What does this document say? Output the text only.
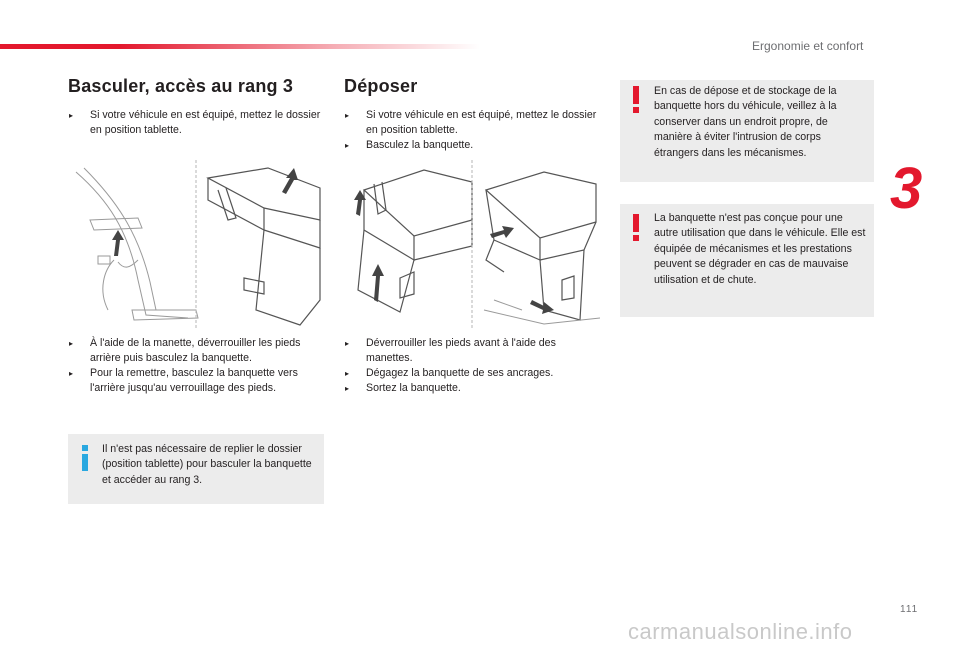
Ergonomie et confort
3
Basculer, accès au rang 3
▸ Si votre véhicule en est équipé, mettez le dossier en position tablette.
▸ À l'aide de la manette, déverrouiller les pieds arrière puis basculez la banquette.
▸ Pour la remettre, basculez la banquette vers l'arrière jusqu'au verrouillage des pieds.
Il n'est pas nécessaire de replier le dossier (position tablette) pour basculer la banquette et accéder au rang 3.
Déposer
▸ Si votre véhicule en est équipé, mettez le dossier en position tablette.
▸ Basculez la banquette.
▸ Déverrouiller les pieds avant à l'aide des manettes.
▸ Dégagez la banquette de ses ancrages.
▸ Sortez la banquette.
En cas de dépose et de stockage de la banquette hors du véhicule, veillez à la conserver dans un endroit propre, de manière à éviter l'intrusion de corps étrangers dans les mécanismes.
La banquette n'est pas conçue pour une autre utilisation que dans le véhicule. Elle est équipée de mécanismes et les prestations peuvent se dégrader en cas de mauvaise utilisation et de chute.
111
carmanualsonline.info
